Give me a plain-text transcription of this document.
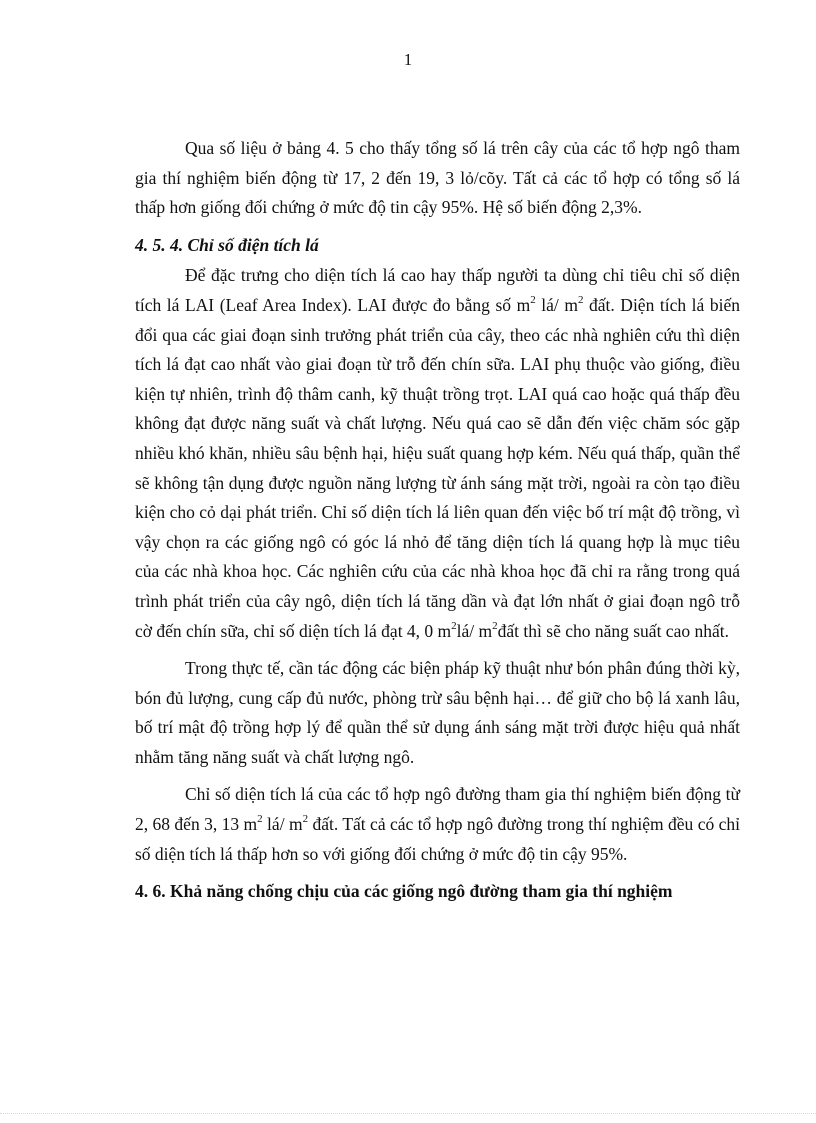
1

Qua số liệu ở bảng 4. 5 cho thấy tổng số lá trên cây của các tổ hợp ngô tham gia thí nghiệm biến động từ 17, 2 đến 19, 3 lỏ/cõy. Tất cả các tổ hợp có tổng số lá thấp hơn giống đối chứng ở mức độ tin cậy 95%. Hệ số biến động 2,3%.

4. 5. 4. Chỉ số điện tích lá

Để đặc trưng cho diện tích lá cao hay thấp người ta dùng chỉ tiêu chỉ số diện tích lá LAI (Leaf Area Index). LAI được đo bằng số $m^2$ lá/ $m^2$ đất. Diện tích lá biến đổi qua các giai đoạn sinh trưởng phát triển của cây, theo các nhà nghiên cứu thì diện tích lá đạt cao nhất vào giai đoạn từ trỗ đến chín sữa. LAI phụ thuộc vào giống, điều kiện tự nhiên, trình độ thâm canh, kỹ thuật trồng trọt. LAI quá cao hoặc quá thấp đều không đạt được năng suất và chất lượng. Nếu quá cao sẽ dẫn đến việc chăm sóc gặp nhiều khó khăn, nhiều sâu bệnh hại, hiệu suất quang hợp kém. Nếu quá thấp, quần thể sẽ không tận dụng được nguồn năng lượng từ ánh sáng mặt trời, ngoài ra còn tạo điều kiện cho cỏ dại phát triển. Chỉ số diện tích lá liên quan đến việc bố trí mật độ trồng, vì vậy chọn ra các giống ngô có góc lá nhỏ để tăng diện tích lá quang hợp là mục tiêu của các nhà khoa học. Các nghiên cứu của các nhà khoa học đã chỉ ra rằng trong quá trình phát triển của cây ngô, diện tích lá tăng dần và đạt lớn nhất ở giai đoạn ngô trỗ cờ đến chín sữa, chỉ số diện tích lá đạt 4, 0 $m^2lá/$ $m^2đất$ thì sẽ cho năng suất cao nhất.

Trong thực tế, cần tác động các biện pháp kỹ thuật như bón phân đúng thời kỳ, bón đủ lượng, cung cấp đủ nước, phòng trừ sâu bệnh hại… để giữ cho bộ lá xanh lâu, bố trí mật độ trồng hợp lý để quần thể sử dụng ánh sáng mặt trời được hiệu quả nhất nhằm tăng năng suất và chất lượng ngô.

Chỉ số diện tích lá của các tổ hợp ngô đường tham gia thí nghiệm biến động từ 2, 68 đến 3, 13 $m^2$ lá/ $m^2$ đất. Tất cả các tổ hợp ngô đường trong thí nghiệm đều có chỉ số diện tích lá thấp hơn so với giống đối chứng ở mức độ tin cậy 95%.

4. 6. Khả năng chống chịu của các giống ngô đường tham gia thí nghiệm
